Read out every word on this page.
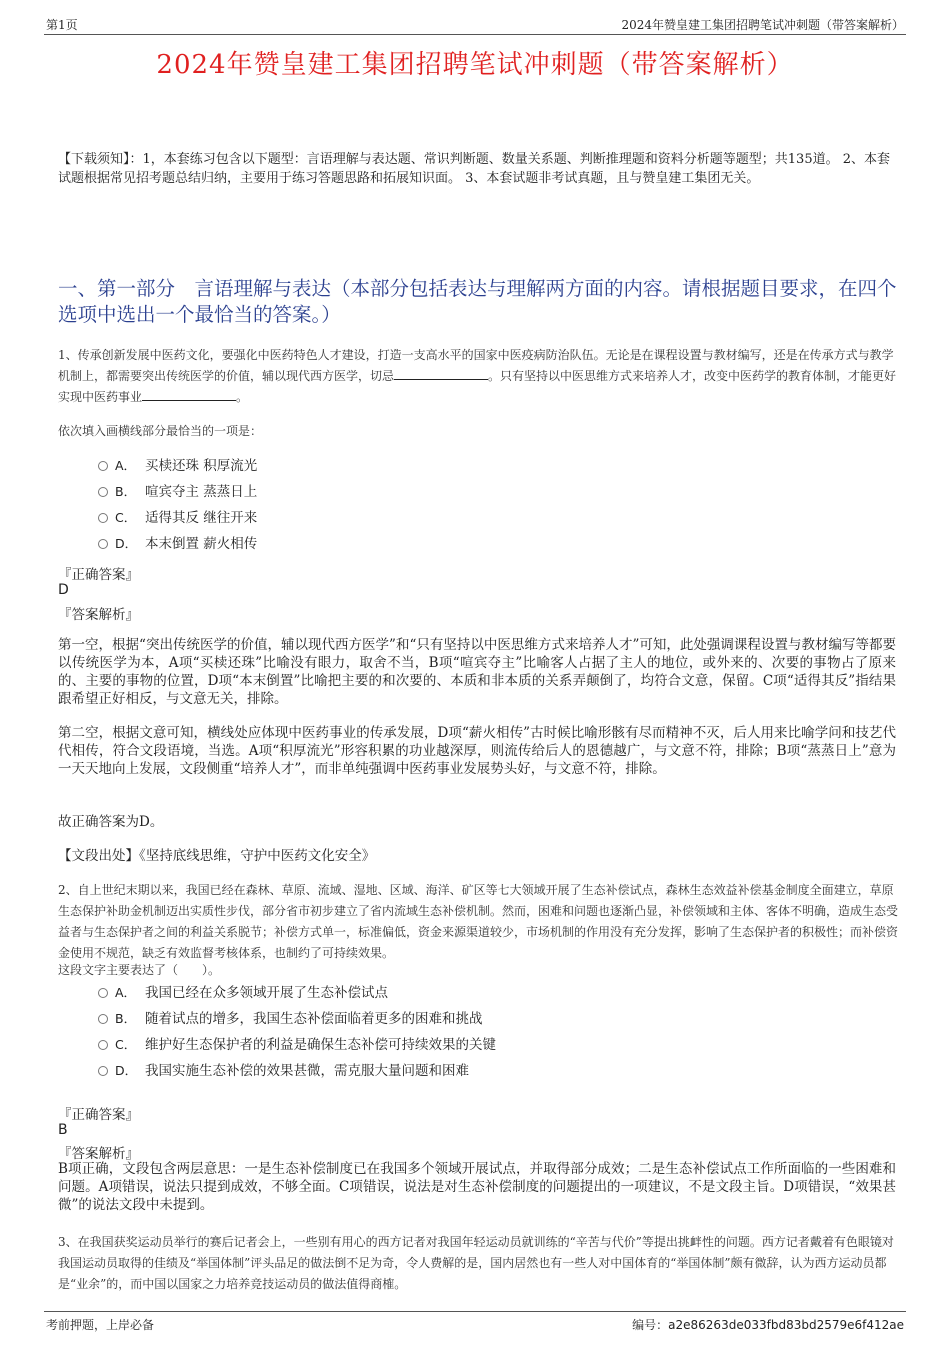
第1页	2024年赞皇建工集团招聘笔试冲刺题（带答案解析）
2024年赞皇建工集团招聘笔试冲刺题（带答案解析）
【下载须知】：1，本套练习包含以下题型：言语理解与表达题、常识判断题、数量关系题、判断推理题和资料分析题等题型；共135道。 2、本套试题根据常见招考题总结归纳，主要用于练习答题思路和拓展知识面。 3、本套试题非考试真题，且与赞皇建工集团无关。
一、第一部分　言语理解与表达（本部分包括表达与理解两方面的内容。请根据题目要求，在四个选项中选出一个最恰当的答案。）
1、传承创新发展中医药文化，要强化中医药特色人才建设，打造一支高水平的国家中医疫病防治队伍。无论是在课程设置与教材编写，还是在传承方式与教学机制上，都需要突出传统医学的价值，辅以现代西方医学，切忌	。只有坚持以中医思维方式来培养人才，改变中医药学的教育体制，才能更好实现中医药事业	。
依次填入画横线部分最恰当的一项是：
A． 买椟还珠 积厚流光
B． 喧宾夺主 蒸蒸日上
C． 适得其反 继往开来
D． 本末倒置 薪火相传
『正确答案』
D
『答案解析』
第一空，根据“突出传统医学的价值，辅以现代西方医学”和“只有坚持以中医思维方式来培养人才”可知，此处强调课程设置与教材编写等都要以传统医学为本，A项“买椟还珠”比喻没有眼力，取舍不当，B项“喧宾夺主”比喻客人占据了主人的地位，或外来的、次要的事物占了原来的、主要的事物的位置，D项“本末倒置”比喻把主要的和次要的、本质和非本质的关系弄颠倒了，均符合文意，保留。C项“适得其反”指结果跟希望正好相反，与文意无关，排除。
第二空，根据文意可知，横线处应体现中医药事业的传承发展，D项“薪火相传”古时候比喻形骸有尽而精神不灭，后人用来比喻学问和技艺代代相传，符合文段语境，当选。A项“积厚流光”形容积累的功业越深厚，则流传给后人的恩德越广，与文意不符，排除；B项“蒸蒸日上”意为一天天地向上发展，文段侧重“培养人才”，而非单纯强调中医药事业发展势头好，与文意不符，排除。
故正确答案为D。
【文段出处】《坚持底线思维，守护中医药文化安全》
2、自上世纪末期以来，我国已经在森林、草原、流域、湿地、区域、海洋、矿区等七大领域开展了生态补偿试点，森林生态效益补偿基金制度全面建立，草原生态保护补助金机制迈出实质性步伐，部分省市初步建立了省内流域生态补偿机制。然而，困难和问题也逐渐凸显，补偿领域和主体、客体不明确，造成生态受益者与生态保护者之间的利益关系脱节；补偿方式单一，标准偏低，资金来源渠道较少，市场机制的作用没有充分发挥，影响了生态保护者的积极性；而补偿资金使用不规范，缺乏有效监督考核体系，也制约了可持续效果。
这段文字主要表达了（　　）。
A． 我国已经在众多领域开展了生态补偿试点
B． 随着试点的增多，我国生态补偿面临着更多的困难和挑战
C． 维护好生态保护者的利益是确保生态补偿可持续效果的关键
D． 我国实施生态补偿的效果甚微，需克服大量问题和困难
『正确答案』
B
『答案解析』
B项正确，文段包含两层意思：一是生态补偿制度已在我国多个领域开展试点，并取得部分成效；二是生态补偿试点工作所面临的一些困难和问题。A项错误，说法只提到成效，不够全面。C项错误，说法是对生态补偿制度的问题提出的一项建议，不是文段主旨。D项错误，“效果甚微”的说法文段中未提到。
3、在我国获奖运动员举行的赛后记者会上，一些别有用心的西方记者对我国年轻运动员就训练的“辛苦与代价”等提出挑衅性的问题。西方记者戴着有色眼镜对我国运动员取得的佳绩及“举国体制”评头品足的做法倒不足为奇，令人费解的是，国内居然也有一些人对中国体育的“举国体制”颇有微辞，认为西方运动员都是“业余”的，而中国以国家之力培养竞技运动员的做法值得商榷。
考前押题，上岸必备	编号：a2e86263de033fbd83bd2579e6f412ae
